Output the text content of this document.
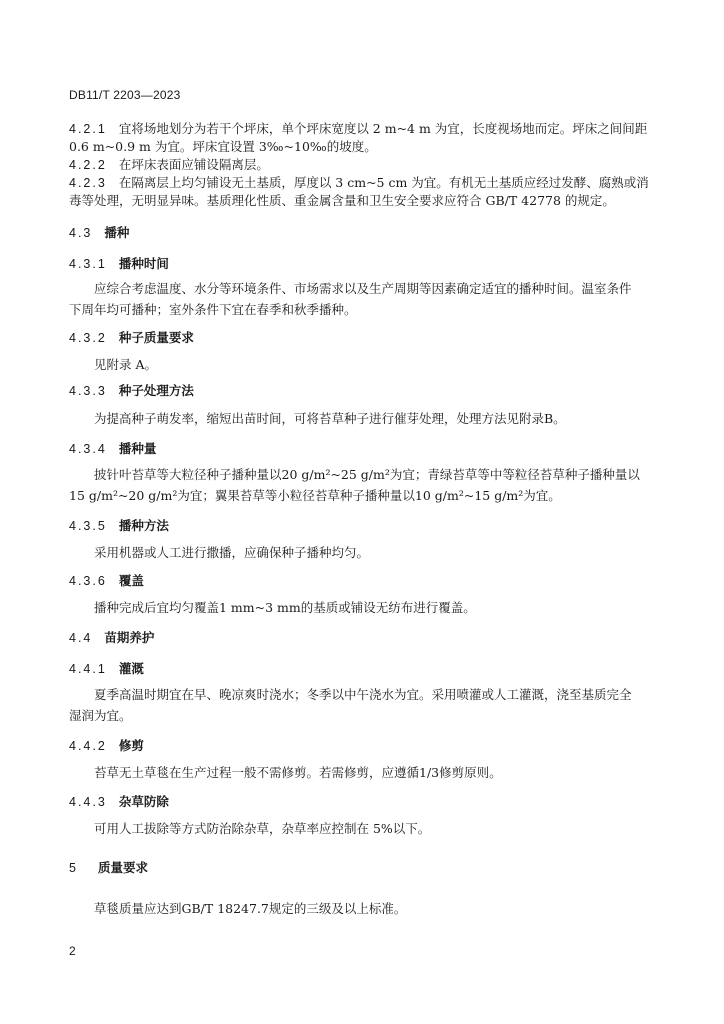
DB11/T 2203—2023
4.2.1 宜将场地划分为若干个坪床，单个坪床宽度以 2 m~4 m 为宜，长度视场地而定。坪床之间间距
0.6 m~0.9 m 为宜。坪床宜设置 3‰~10‰的坡度。
4.2.2 在坪床表面应铺设隔离层。
4.2.3 在隔离层上均匀铺设无土基质，厚度以 3 cm~5 cm 为宜。有机无土基质应经过发酵、腐熟或消
毒等处理，无明显异味。基质理化性质、重金属含量和卫生安全要求应符合 GB/T 42778 的规定。
4.3 播种
4.3.1 播种时间
应综合考虑温度、水分等环境条件、市场需求以及生产周期等因素确定适宜的播种时间。温室条件
下周年均可播种；室外条件下宜在春季和秋季播种。
4.3.2 种子质量要求
见附录 A。
4.3.3 种子处理方法
为提高种子萌发率，缩短出苗时间，可将苔草种子进行催芽处理，处理方法见附录B。
4.3.4 播种量
披针叶苔草等大粒径种子播种量以20 g/m²~25 g/m²为宜；青绿苔草等中等粒径苔草种子播种量以
15 g/m²~20 g/m²为宜；翼果苔草等小粒径苔草种子播种量以10 g/m²~15 g/m²为宜。
4.3.5 播种方法
采用机器或人工进行撒播，应确保种子播种均匀。
4.3.6 覆盖
播种完成后宜均匀覆盖1 mm~3 mm的基质或铺设无纺布进行覆盖。
4.4 苗期养护
4.4.1 灌溉
夏季高温时期宜在早、晚凉爽时浇水；冬季以中午浇水为宜。采用喷灌或人工灌溉，浇至基质完全
湿润为宜。
4.4.2 修剪
苔草无土草毯在生产过程一般不需修剪。若需修剪，应遵循1/3修剪原则。
4.4.3 杂草防除
可用人工拔除等方式防治除杂草，杂草率应控制在 5%以下。
5 质量要求
草毯质量应达到GB/T 18247.7规定的三级及以上标准。
2
